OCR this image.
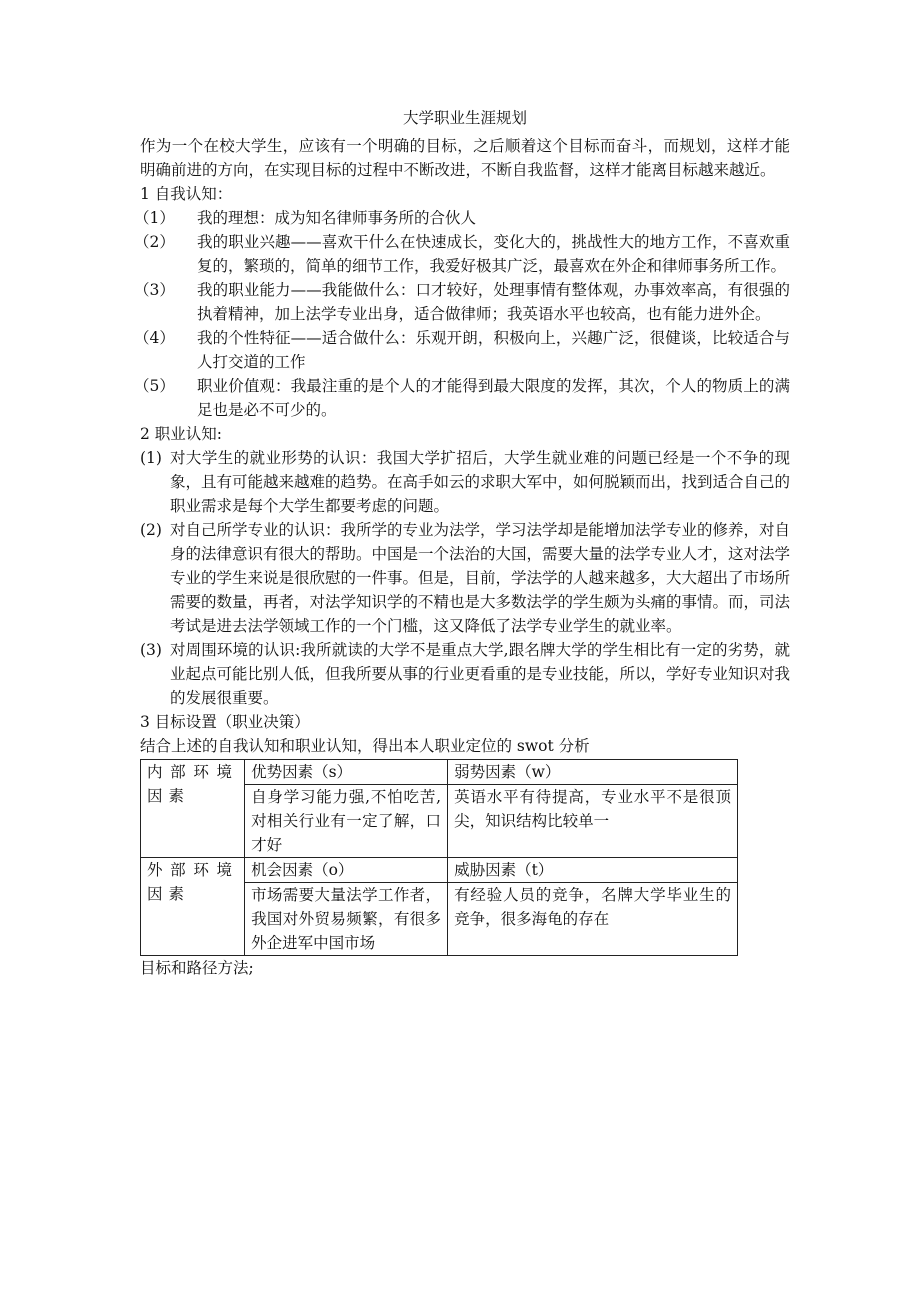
大学职业生涯规划

作为一个在校大学生，应该有一个明确的目标，之后顺着这个目标而奋斗，而规划，这样才能明确前进的方向，在实现目标的过程中不断改进，不断自我监督，这样才能离目标越来越近。

1 自我认知：

（1）	我的理想：成为知名律师事务所的合伙人
（2）	我的职业兴趣——喜欢干什么在快速成长，变化大的，挑战性大的地方工作，不喜欢重复的，繁琐的，简单的细节工作，我爱好极其广泛，最喜欢在外企和律师事务所工作。
（3）	我的职业能力——我能做什么：口才较好，处理事情有整体观，办事效率高，有很强的执着精神，加上法学专业出身，适合做律师；我英语水平也较高，也有能力进外企。
（4）	我的个性特征——适合做什么：乐观开朗，积极向上，兴趣广泛，很健谈，比较适合与人打交道的工作
（5）	职业价值观：我最注重的是个人的才能得到最大限度的发挥，其次，个人的物质上的满足也是必不可少的。

2 职业认知:

(1) 对大学生的就业形势的认识：我国大学扩招后，大学生就业难的问题已经是一个不争的现象，且有可能越来越难的趋势。在高手如云的求职大军中，如何脱颖而出，找到适合自己的职业需求是每个大学生都要考虑的问题。
(2) 对自己所学专业的认识：我所学的专业为法学，学习法学却是能增加法学专业的修养，对自身的法律意识有很大的帮助。中国是一个法治的大国，需要大量的法学专业人才，这对法学专业的学生来说是很欣慰的一件事。但是，目前，学法学的人越来越多，大大超出了市场所需要的数量，再者，对法学知识学的不精也是大多数法学的学生颇为头痛的事情。而，司法考试是进去法学领域工作的一个门槛，这又降低了法学专业学生的就业率。
(3) 对周围环境的认识:我所就读的大学不是重点大学,跟名牌大学的学生相比有一定的劣势，就业起点可能比别人低，但我所要从事的行业更看重的是专业技能，所以，学好专业知识对我的发展很重要。

3 目标设置（职业决策）

结合上述的自我认知和职业认知，得出本人职业定位的 swot 分析

内部环境因素	优势因素（s）	弱势因素（w）
	自身学习能力强,不怕吃苦,对相关行业有一定了解，口才好	英语水平有待提高，专业水平不是很顶尖，知识结构比较单一
外部环境因素	机会因素（o）	威胁因素（t）
	市场需要大量法学工作者，我国对外贸易频繁，有很多外企进军中国市场	有经验人员的竞争，名牌大学毕业生的竞争，很多海龟的存在

目标和路径方法;
